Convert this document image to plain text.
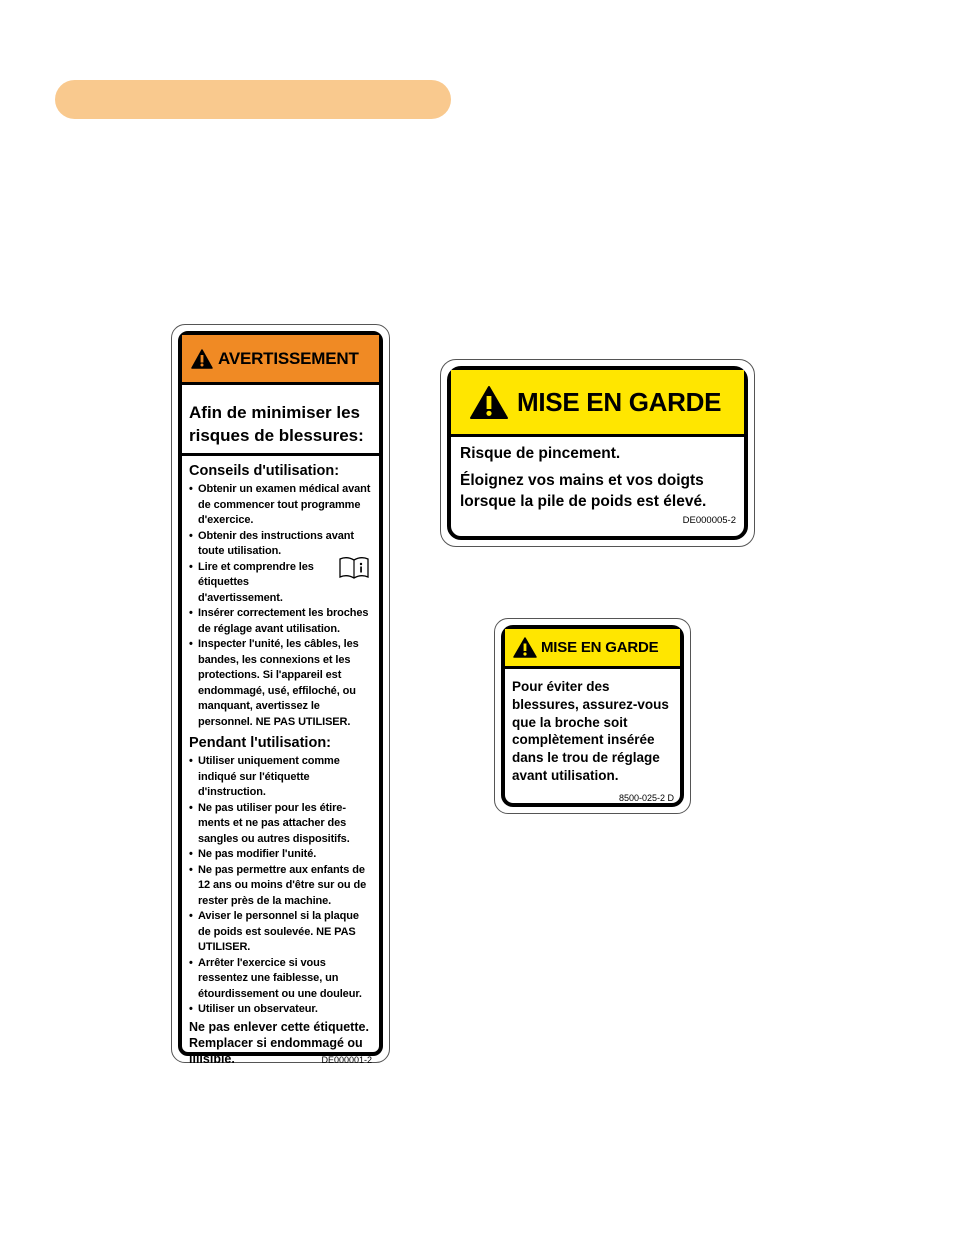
AVERTISSEMENT
Afin de minimiser les risques de blessures:
Conseils d'utilisation:
• Obtenir un examen médical avant de commencer tout programme d'exercice.
• Obtenir des instructions avant toute utilisation.
• Lire et comprendre les étiquettes d'avertissement.
• Insérer correctement les broches de réglage avant utilisation.
• Inspecter l'unité, les câbles, les bandes, les connexions et les protections. Si l'appareil est endommagé, usé, effiloché, ou manquant, avertissez le personnel. NE PAS UTILISER.
Pendant l'utilisation:
• Utiliser uniquement comme indiqué sur l'étiquette d'instruction.
• Ne pas utiliser pour les étire-ments et ne pas attacher des sangles ou autres dispositifs.
• Ne pas modifier l'unité.
• Ne pas permettre aux enfants de 12 ans ou moins d'être sur ou de rester près de la machine.
• Aviser le personnel si la plaque de poids est soulevée. NE PAS UTILISER.
• Arrêter l'exercice si vous ressentez une faiblesse, un étourdissement ou une douleur.
• Utiliser un observateur.
Ne pas enlever cette étiquette.
Remplacer si endommagé ou
illisible.	DE000001-2
MISE EN GARDE
Risque de pincement.
Éloignez vos mains et vos doigts lorsque la pile de poids est élevé.
DE000005-2
MISE EN GARDE
Pour éviter des blessures, assurez-vous que la broche soit complètement insérée dans le trou de réglage avant utilisation.
8500-025-2 D
